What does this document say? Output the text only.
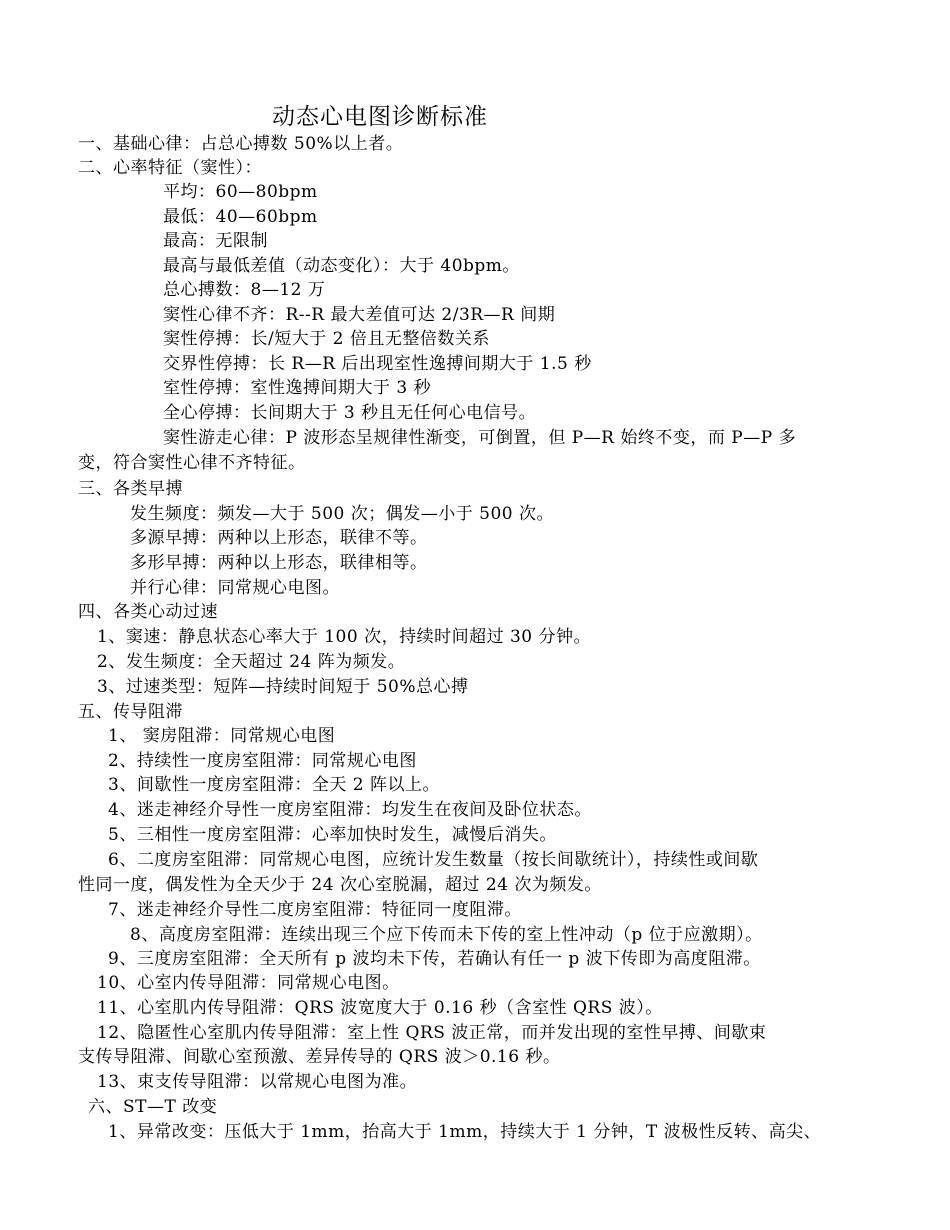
动态心电图诊断标准
一、基础心律：占总心搏数 50%以上者。
二、心率特征（窦性）：
平均：60—80bpm
最低：40—60bpm
最高：无限制
最高与最低差值（动态变化）：大于 40bpm。
总心搏数：8—12 万
窦性心律不齐：R--R 最大差值可达 2/3R—R 间期
窦性停搏：长/短大于 2 倍且无整倍数关系
交界性停搏：长 R—R 后出现室性逸搏间期大于 1.5 秒
室性停搏：室性逸搏间期大于 3 秒
全心停搏：长间期大于 3 秒且无任何心电信号。
窦性游走心律：P 波形态呈规律性渐变，可倒置，但 P—R 始终不变，而 P—P 多
变，符合窦性心律不齐特征。
三、各类早搏
发生频度：频发—大于 500 次；偶发—小于 500 次。
多源早搏：两种以上形态，联律不等。
多形早搏：两种以上形态，联律相等。
并行心律：同常规心电图。
四、各类心动过速
1、窦速：静息状态心率大于 100 次，持续时间超过 30 分钟。
2、发生频度：全天超过 24 阵为频发。
3、过速类型：短阵—持续时间短于 50%总心搏
五、传导阻滞
1、 窦房阻滞：同常规心电图
2、持续性一度房室阻滞：同常规心电图
3、间歇性一度房室阻滞：全天 2 阵以上。
4、迷走神经介导性一度房室阻滞：均发生在夜间及卧位状态。
5、三相性一度房室阻滞：心率加快时发生，减慢后消失。
6、二度房室阻滞：同常规心电图，应统计发生数量（按长间歇统计），持续性或间歇
性同一度，偶发性为全天少于 24 次心室脱漏，超过 24 次为频发。
7、迷走神经介导性二度房室阻滞：特征同一度阻滞。
8、高度房室阻滞：连续出现三个应下传而未下传的室上性冲动（p 位于应激期）。
9、三度房室阻滞：全天所有 p 波均未下传，若确认有任一 p 波下传即为高度阻滞。
10、心室内传导阻滞：同常规心电图。
11、心室肌内传导阻滞：QRS 波宽度大于 0.16 秒（含室性 QRS 波）。
12、隐匿性心室肌内传导阻滞：室上性 QRS 波正常，而并发出现的室性早搏、间歇束
支传导阻滞、间歇心室预激、差异传导的 QRS 波＞0.16 秒。
13、束支传导阻滞：以常规心电图为准。
六、ST—T 改变
1、异常改变：压低大于 1mm，抬高大于 1mm，持续大于 1 分钟，T 波极性反转、高尖、
